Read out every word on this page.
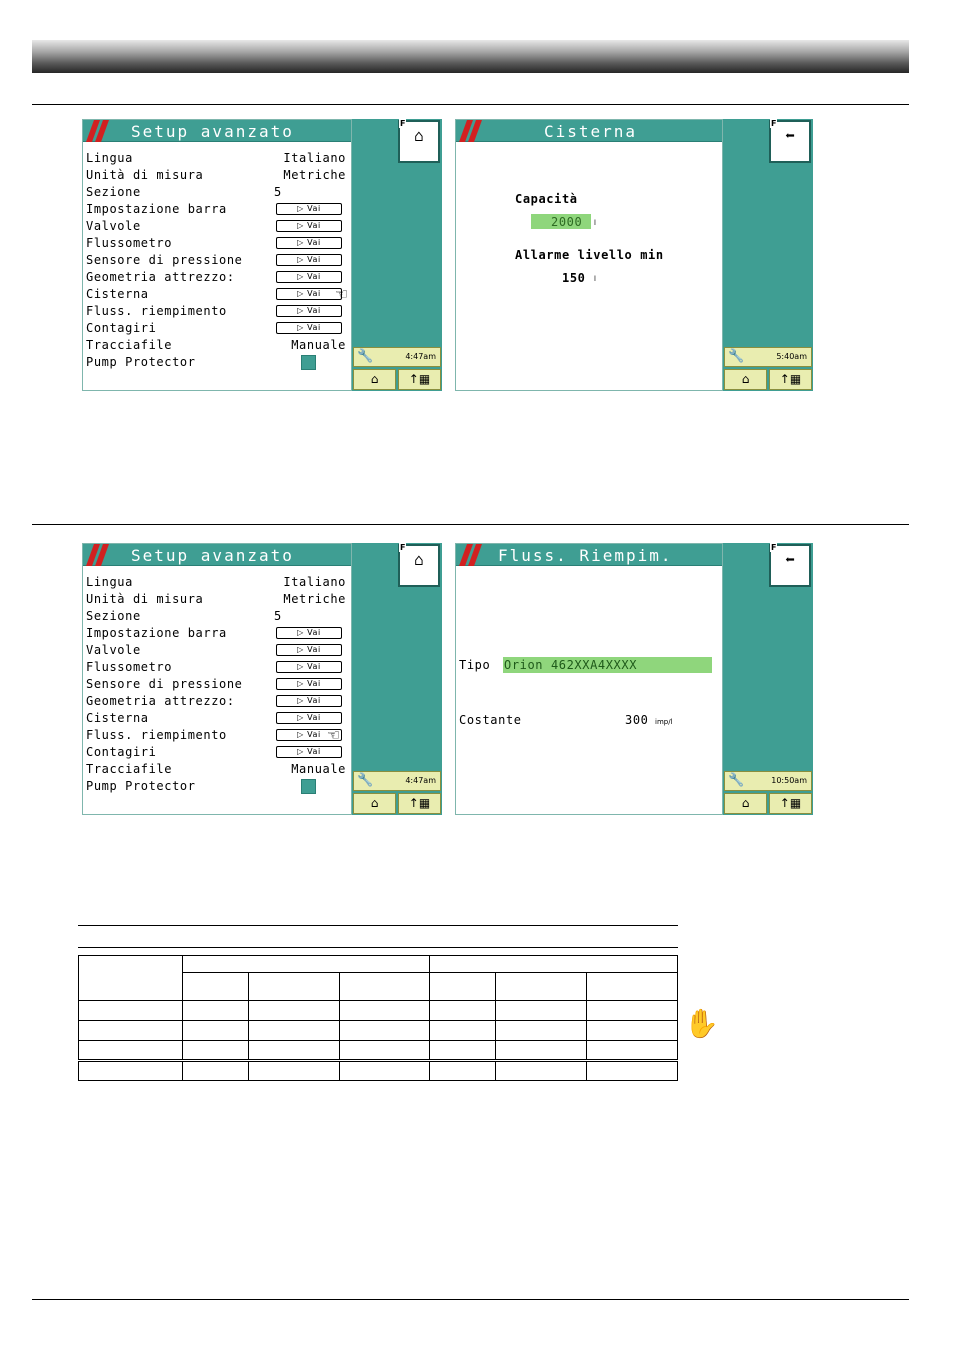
Setup avanzato
Lingua	Italiano
Unità di misura	Metriche
Sezione	5
Impostazione barra	▷ Vai
Valvole	▷ Vai
Flussometro	▷ Vai
Sensore di pressione	▷ Vai
Geometria attrezzo:	▷ Vai
Cisterna	▷ Vai
Fluss. riempimento	▷ Vai
Contagiri	▷ Vai
Tracciafile	Manuale
Pump Protector
☜
F
⌂
🔧	4:47am
⌂	↑▦
Cisterna
Capacità
2000 l
Allarme livello min
150 l
F
⬅
🔧	5:40am
⌂	↑▦
Setup avanzato
Lingua	Italiano
Unità di misura	Metriche
Sezione	5
Impostazione barra	▷ Vai
Valvole	▷ Vai
Flussometro	▷ Vai
Sensore di pressione	▷ Vai
Geometria attrezzo:	▷ Vai
Cisterna	▷ Vai
Fluss. riempimento	▷ Vai
Contagiri	▷ Vai
Tracciafile	Manuale
Pump Protector
☜
F
⌂
🔧	4:47am
⌂	↑▦
Fluss. Riempim.
Tipo Orion 462XXA4XXXX
Costante	300 imp/l
F
⬅
🔧	10:50am
⌂	↑▦

✋
